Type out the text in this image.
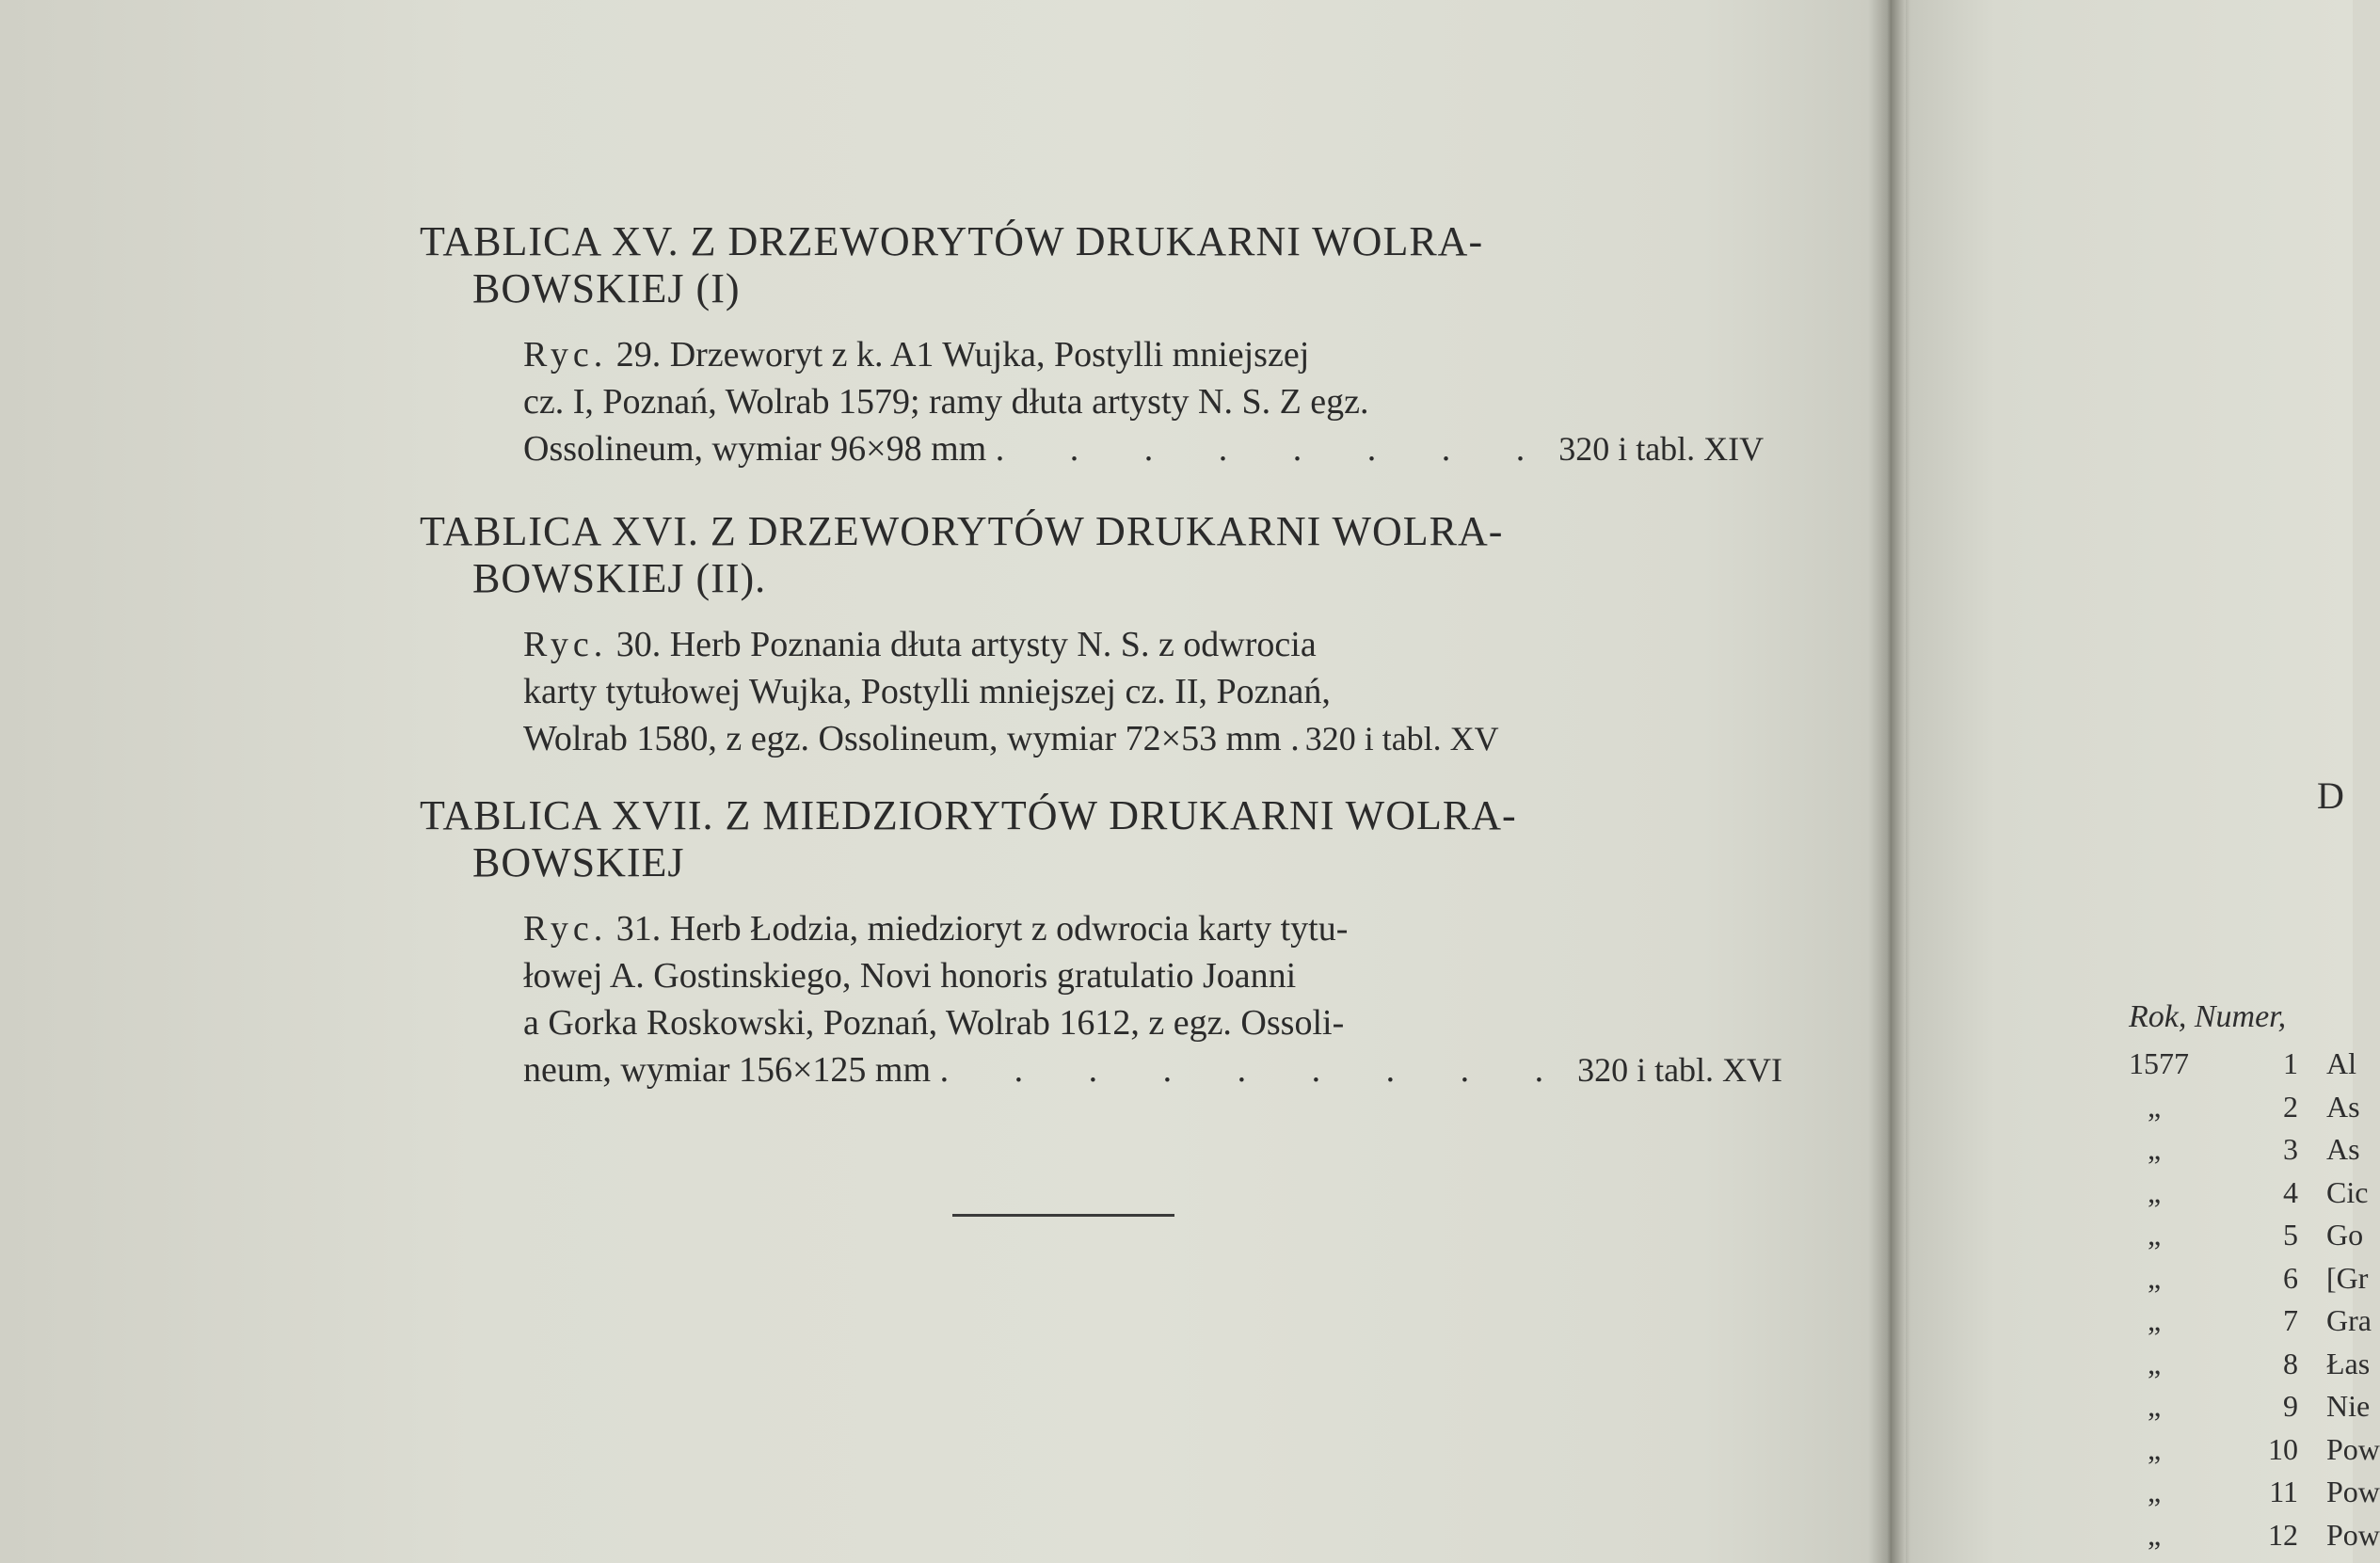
TABLICA XV. Z DRZEWORYTÓW DRUKARNI WOLRA-
BOWSKIEJ (I)

Ryc. 29. Drzeworyt z k. A1 Wujka, Postylli mniejszej
cz. I, Poznań, Wolrab 1579; ramy dłuta artysty N. S. Z egz.
Ossolineum, wymiar 96×98 mm . . . . . . . . 320 i tabl. XIV

TABLICA XVI. Z DRZEWORYTÓW DRUKARNI WOLRA-
BOWSKIEJ (II).

Ryc. 30. Herb Poznania dłuta artysty N. S. z odwrocia
karty tytułowej Wujka, Postylli mniejszej cz. II, Poznań,
Wolrab 1580, z egz. Ossolineum, wymiar 72×53 mm . 320 i tabl. XV

TABLICA XVII. Z MIEDZIORYTÓW DRUKARNI WOLRA-
BOWSKIEJ

Ryc. 31. Herb Łodzia, miedzioryt z odwrocia karty tytu-
łowej A. Gostinskiego, Novi honoris gratulatio Joanni
a Gorka Roskowski, Poznań, Wolrab 1612, z egz. Ossoli-
neum, wymiar 156×125 mm . . . . . . . . . 320 i tabl. XVI
D
Rok, Numer,
1577	1 Al
„	2 As
„	3 As
„	4 Cic
„	5 Go
„	6 [Gr
„	7 Gra
„	8 Łas
„	9 Nie
„	10 Pow
„	11 Pow
„	12 Pow
